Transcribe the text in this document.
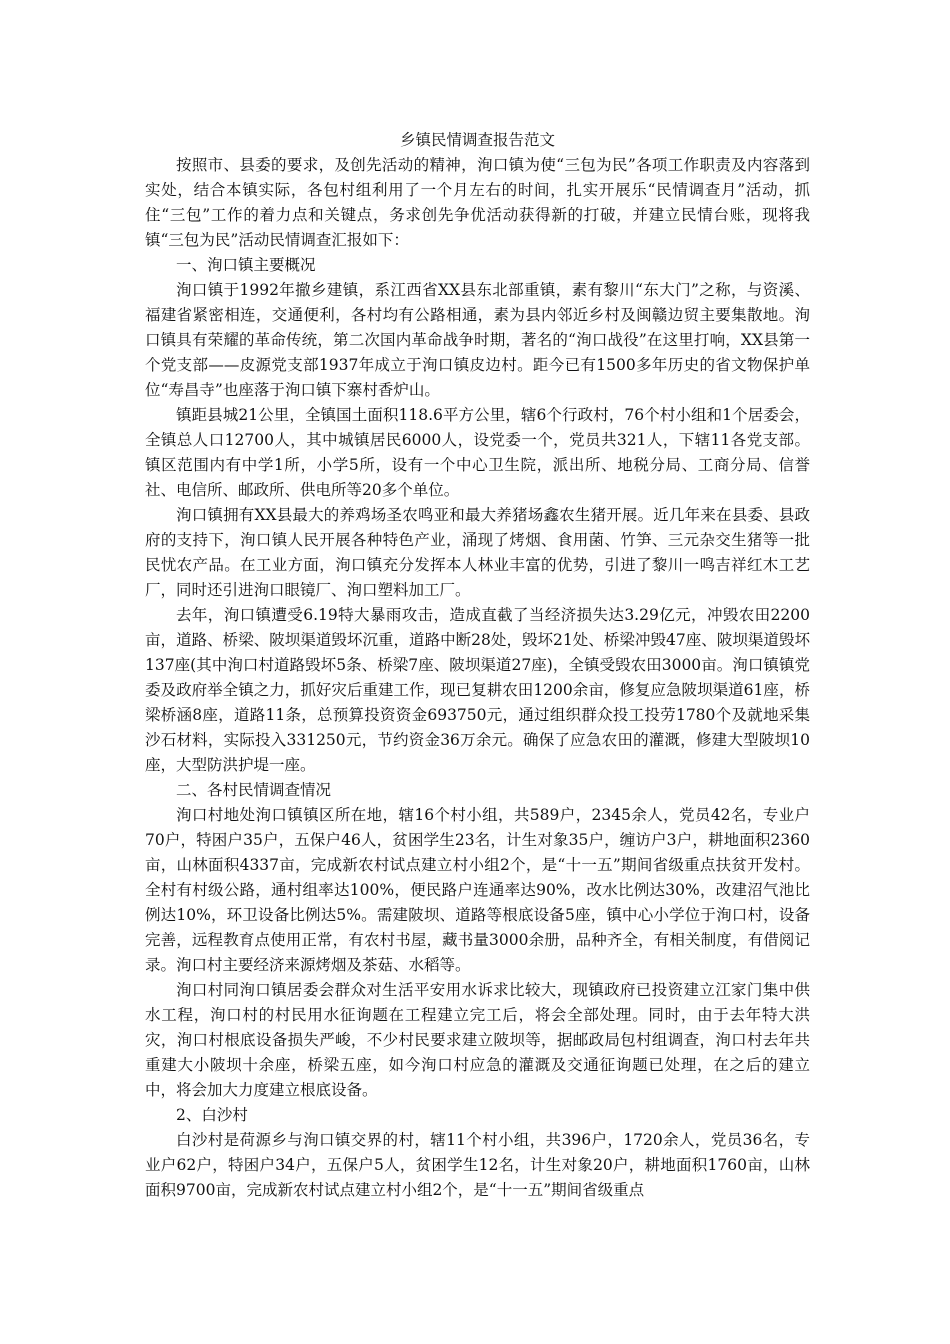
乡镇民情调查报告范文

按照市、县委的要求，及创先活动的精神，洵口镇为使“三包为民”各项工作职责及内容落到实处，结合本镇实际，各包村组利用了一个月左右的时间，扎实开展乐“民情调查月”活动，抓住“三包”工作的着力点和关键点，务求创先争优活动获得新的打破，并建立民情台账，现将我镇“三包为民”活动民情调查汇报如下：

一、洵口镇主要概况

洵口镇于1992年撤乡建镇，系江西省XX县东北部重镇，素有黎川“东大门”之称，与资溪、福建省紧密相连，交通便利，各村均有公路相通，素为县内邻近乡村及闽赣边贸主要集散地。洵口镇具有荣耀的革命传统，第二次国内革命战争时期，著名的“洵口战役”在这里打响，XX县第一个党支部——皮源党支部1937年成立于洵口镇皮边村。距今已有1500多年历史的省文物保护单位“寿昌寺”也座落于洵口镇下寨村香炉山。

镇距县城21公里，全镇国土面积118.6平方公里，辖6个行政村，76个村小组和1个居委会，全镇总人口12700人，其中城镇居民6000人，设党委一个，党员共321人，下辖11各党支部。镇区范围内有中学1所，小学5所，设有一个中心卫生院，派出所、地税分局、工商分局、信誉社、电信所、邮政所、供电所等20多个单位。

洵口镇拥有XX县最大的养鸡场圣农鸣亚和最大养猪场鑫农生猪开展。近几年来在县委、县政府的支持下，洵口镇人民开展各种特色产业，涌现了烤烟、食用菌、竹笋、三元杂交生猪等一批民忧农产品。在工业方面，洵口镇充分发挥本人林业丰富的优势，引进了黎川一鸣吉祥红木工艺厂，同时还引进洵口眼镜厂、洵口塑料加工厂。

去年，洵口镇遭受6.19特大暴雨攻击，造成直截了当经济损失达3.29亿元，冲毁农田2200亩，道路、桥梁、陂坝渠道毁坏沉重，道路中断28处，毁坏21处、桥梁冲毁47座、陂坝渠道毁坏137座(其中洵口村道路毁坏5条、桥梁7座、陂坝渠道27座)，全镇受毁农田3000亩。洵口镇镇党委及政府举全镇之力，抓好灾后重建工作，现已复耕农田1200余亩，修复应急陂坝渠道61座，桥梁桥涵8座，道路11条，总预算投资资金693750元，通过组织群众投工投劳1780个及就地采集沙石材料，实际投入331250元，节约资金36万余元。确保了应急农田的灌溉，修建大型陂坝10座，大型防洪护堤一座。

二、各村民情调查情况

洵口村地处洵口镇镇区所在地，辖16个村小组，共589户，2345余人，党员42名，专业户70户，特困户35户，五保户46人，贫困学生23名，计生对象35户，缠访户3户，耕地面积2360亩，山林面积4337亩，完成新农村试点建立村小组2个，是“十一五”期间省级重点扶贫开发村。全村有村级公路，通村组率达100%，便民路户连通率达90%，改水比例达30%，改建沼气池比例达10%，环卫设备比例达5%。需建陂坝、道路等根底设备5座，镇中心小学位于洵口村，设备完善，远程教育点使用正常，有农村书屋，藏书量3000余册，品种齐全，有相关制度，有借阅记录。洵口村主要经济来源烤烟及茶菇、水稻等。

洵口村同洵口镇居委会群众对生活平安用水诉求比较大，现镇政府已投资建立江家门集中供水工程，洵口村的村民用水征询题在工程建立完工后，将会全部处理。同时，由于去年特大洪灾，洵口村根底设备损失严峻，不少村民要求建立陂坝等，据邮政局包村组调查，洵口村去年共重建大小陂坝十余座，桥梁五座，如今洵口村应急的灌溉及交通征询题已处理，在之后的建立中，将会加大力度建立根底设备。

2、白沙村

白沙村是荷源乡与洵口镇交界的村，辖11个村小组，共396户，1720余人，党员36名，专业户62户，特困户34户，五保户5人，贫困学生12名，计生对象20户，耕地面积1760亩，山林面积9700亩，完成新农村试点建立村小组2个，是“十一五”期间省级重点
